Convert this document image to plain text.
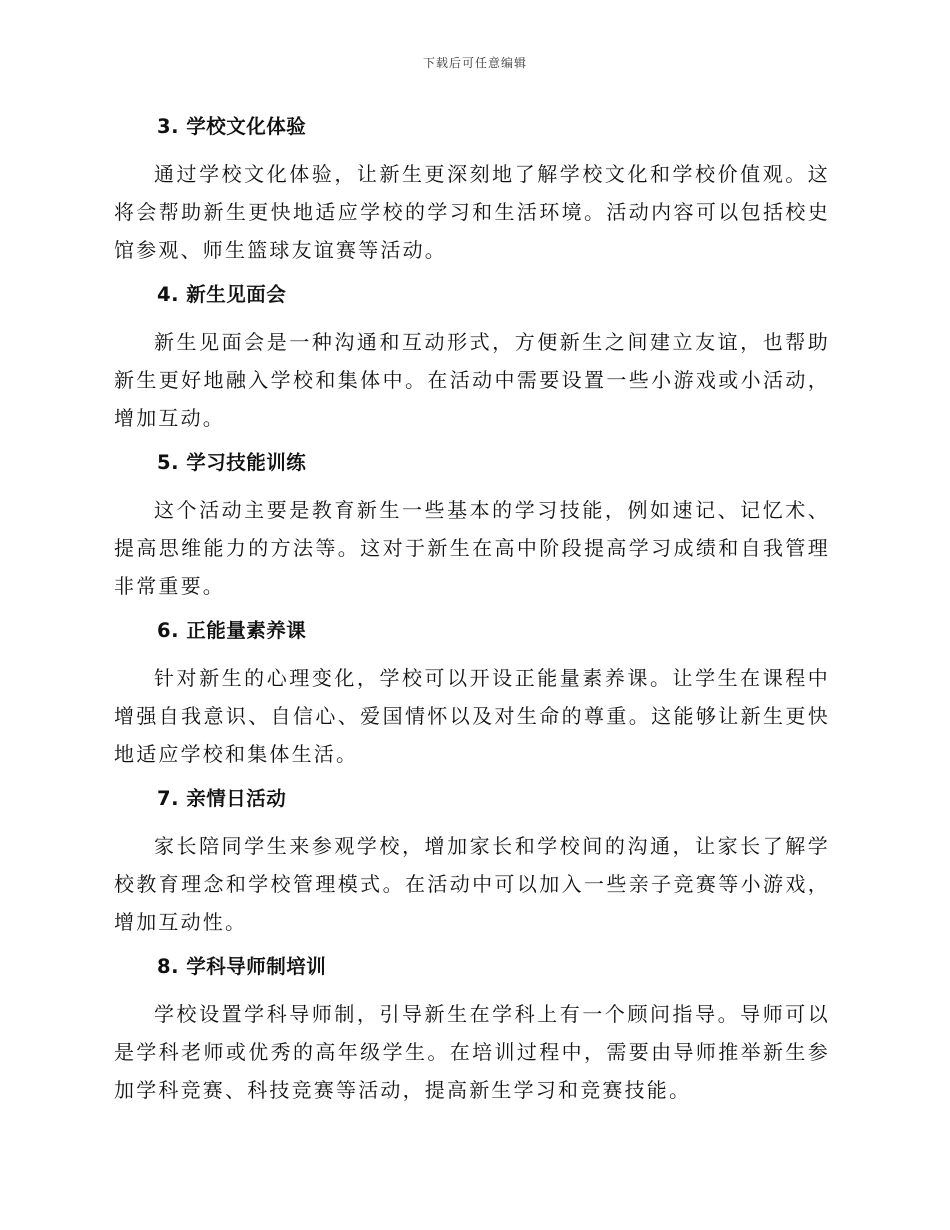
下载后可任意编辑
3. 学校文化体验

通过学校文化体验，让新生更深刻地了解学校文化和学校价值观。这将会帮助新生更快地适应学校的学习和生活环境。活动内容可以包括校史馆参观、师生篮球友谊赛等活动。

4. 新生见面会

新生见面会是一种沟通和互动形式，方便新生之间建立友谊，也帮助新生更好地融入学校和集体中。在活动中需要设置一些小游戏或小活动，增加互动。

5. 学习技能训练

这个活动主要是教育新生一些基本的学习技能，例如速记、记忆术、提高思维能力的方法等。这对于新生在高中阶段提高学习成绩和自我管理非常重要。

6. 正能量素养课

针对新生的心理变化，学校可以开设正能量素养课。让学生在课程中增强自我意识、自信心、爱国情怀以及对生命的尊重。这能够让新生更快地适应学校和集体生活。

7. 亲情日活动

家长陪同学生来参观学校，增加家长和学校间的沟通，让家长了解学校教育理念和学校管理模式。在活动中可以加入一些亲子竞赛等小游戏，增加互动性。

8. 学科导师制培训

学校设置学科导师制，引导新生在学科上有一个顾问指导。导师可以是学科老师或优秀的高年级学生。在培训过程中，需要由导师推举新生参加学科竞赛、科技竞赛等活动，提高新生学习和竞赛技能。
